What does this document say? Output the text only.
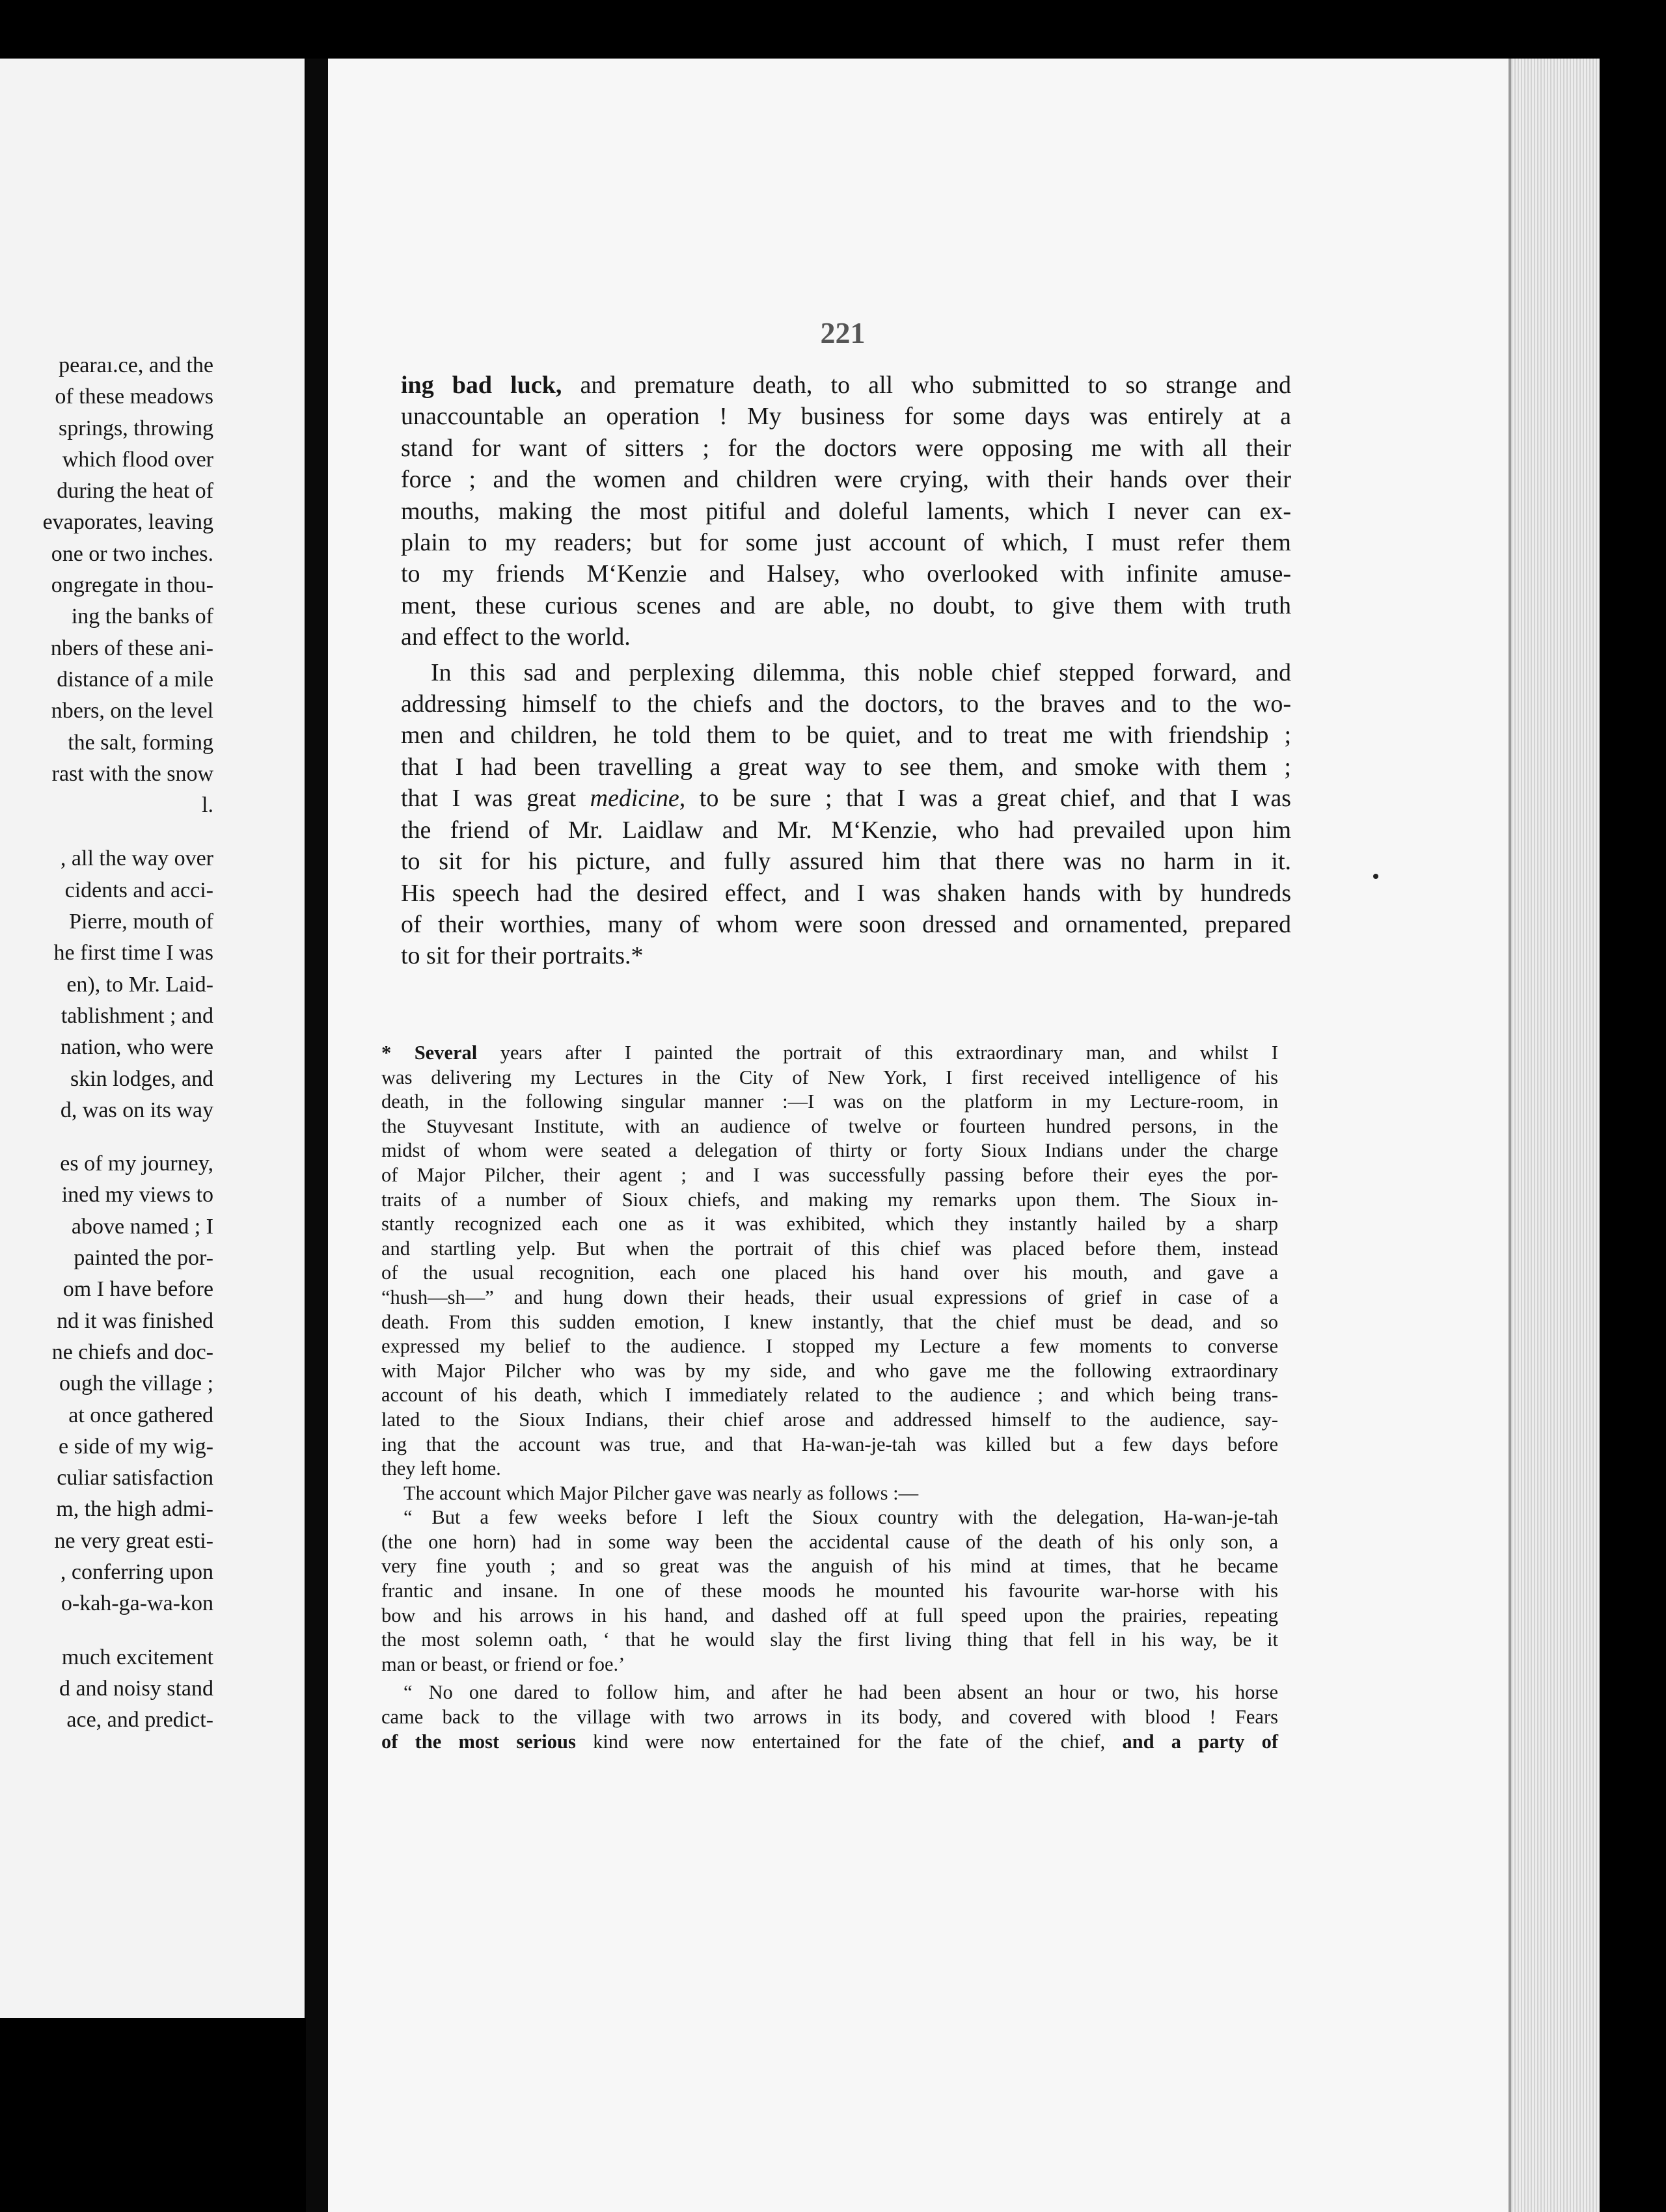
pearaı.ce, and the
of these meadows
springs, throwing
which flood over
during the heat of
evaporates, leaving
one or two inches.
ongregate in thou-
ing the banks of
nbers of these ani-
distance of a mile
nbers, on the level
the salt, forming
rast with the snow
l.
, all the way over
cidents and acci-
Pierre, mouth of
he first time I was
en), to Mr. Laid-
tablishment ; and
nation, who were
skin lodges, and
d, was on its way
es of my journey,
ined my views to
above named ; I
painted the por-
om I have before
nd it was finished
ne chiefs and doc-
ough the village ;
at once gathered
e side of my wig-
culiar satisfaction
m, the high admi-
ne very great esti-
, conferring upon
o-kah-ga-wa-kon
much excitement
d and noisy stand
ace, and predict-
221
ing bad luck, and premature death, to all who submitted to so strange and
unaccountable an operation ! My business for some days was entirely at a
stand for want of sitters ; for the doctors were opposing me with all their
force ; and the women and children were crying, with their hands over their
mouths, making the most pitiful and doleful laments, which I never can ex-
plain to my readers; but for some just account of which, I must refer them
to my friends M‘Kenzie and Halsey, who overlooked with infinite amuse-
ment, these curious scenes and are able, no doubt, to give them with truth
and effect to the world.
In this sad and perplexing dilemma, this noble chief stepped forward, and
addressing himself to the chiefs and the doctors, to the braves and to the wo-
men and children, he told them to be quiet, and to treat me with friendship ;
that I had been travelling a great way to see them, and smoke with them ;
that I was great medicine, to be sure ; that I was a great chief, and that I was
the friend of Mr. Laidlaw and Mr. M‘Kenzie, who had prevailed upon him
to sit for his picture, and fully assured him that there was no harm in it.
His speech had the desired effect, and I was shaken hands with by hundreds
of their worthies, many of whom were soon dressed and ornamented, prepared
to sit for their portraits.*
* Several years after I painted the portrait of this extraordinary man, and whilst I
was delivering my Lectures in the City of New York, I first received intelligence of his
death, in the following singular manner :—I was on the platform in my Lecture-room, in
the Stuyvesant Institute, with an audience of twelve or fourteen hundred persons, in the
midst of whom were seated a delegation of thirty or forty Sioux Indians under the charge
of Major Pilcher, their agent ; and I was successfully passing before their eyes the por-
traits of a number of Sioux chiefs, and making my remarks upon them. The Sioux in-
stantly recognized each one as it was exhibited, which they instantly hailed by a sharp
and startling yelp. But when the portrait of this chief was placed before them, instead
of the usual recognition, each one placed his hand over his mouth, and gave a
“hush—sh—” and hung down their heads, their usual expressions of grief in case of a
death. From this sudden emotion, I knew instantly, that the chief must be dead, and so
expressed my belief to the audience. I stopped my Lecture a few moments to converse
with Major Pilcher who was by my side, and who gave me the following extraordinary
account of his death, which I immediately related to the audience ; and which being trans-
lated to the Sioux Indians, their chief arose and addressed himself to the audience, say-
ing that the account was true, and that Ha-wan-je-tah was killed but a few days before
they left home.
The account which Major Pilcher gave was nearly as follows :—
“ But a few weeks before I left the Sioux country with the delegation, Ha-wan-je-tah
(the one horn) had in some way been the accidental cause of the death of his only son, a
very fine youth ; and so great was the anguish of his mind at times, that he became
frantic and insane. In one of these moods he mounted his favourite war-horse with his
bow and his arrows in his hand, and dashed off at full speed upon the prairies, repeating
the most solemn oath, ‘ that he would slay the first living thing that fell in his way, be it
man or beast, or friend or foe.’
“ No one dared to follow him, and after he had been absent an hour or two, his horse
came back to the village with two arrows in its body, and covered with blood ! Fears
of the most serious kind were now entertained for the fate of the chief, and a party of
